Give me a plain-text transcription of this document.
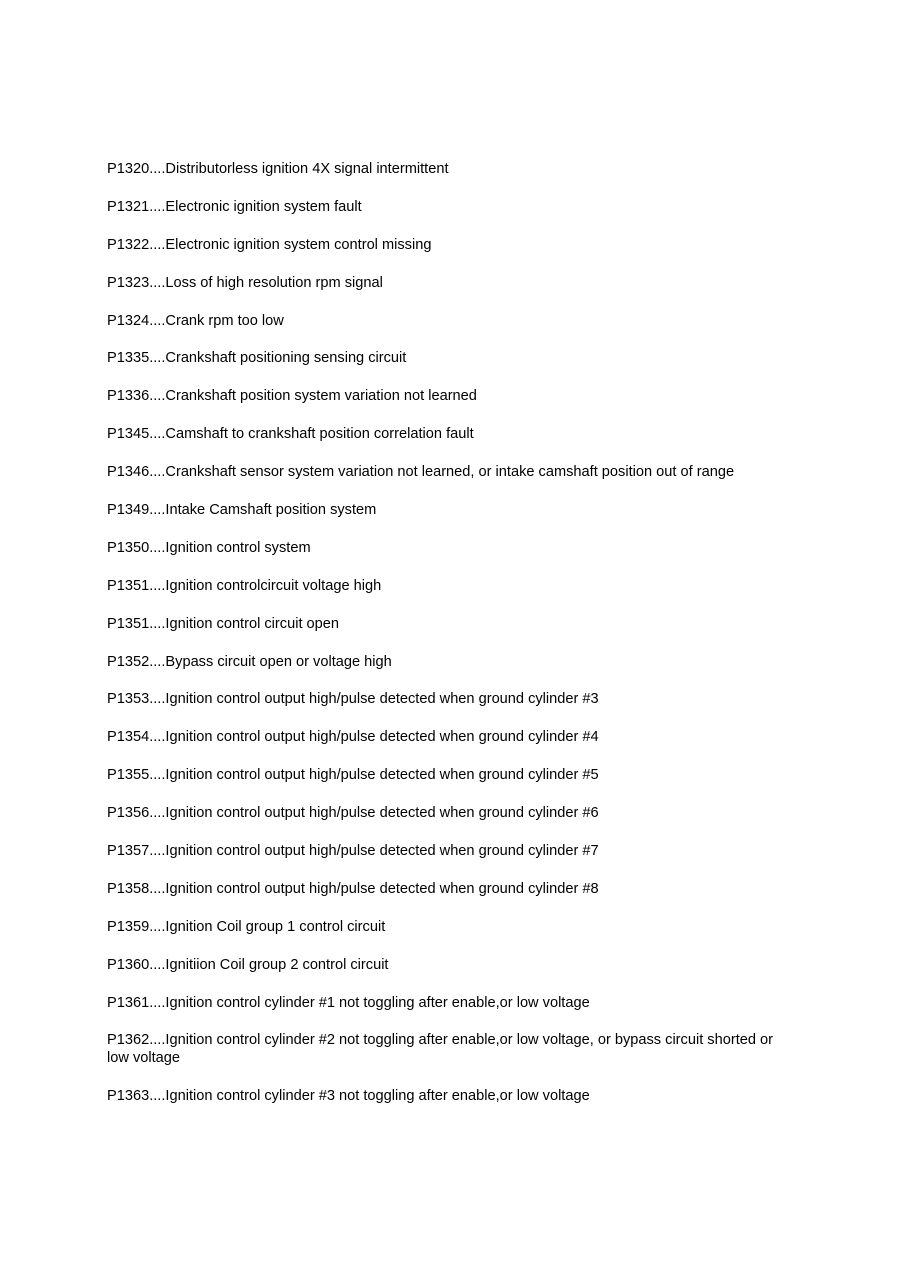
P1320....Distributorless ignition 4X signal intermittent
P1321....Electronic ignition system fault
P1322....Electronic ignition system control missing
P1323....Loss of high resolution rpm signal
P1324....Crank rpm too low
P1335....Crankshaft positioning sensing circuit
P1336....Crankshaft position system variation not learned
P1345....Camshaft to crankshaft position correlation fault
P1346....Crankshaft sensor system variation not learned, or intake camshaft position out of range
P1349....Intake Camshaft position system
P1350....Ignition control system
P1351....Ignition controlcircuit voltage high
P1351....Ignition control circuit open
P1352....Bypass circuit open or voltage high
P1353....Ignition control output high/pulse detected when ground cylinder #3
P1354....Ignition control output high/pulse detected when ground cylinder #4
P1355....Ignition control output high/pulse detected when ground cylinder #5
P1356....Ignition control output high/pulse detected when ground cylinder #6
P1357....Ignition control output high/pulse detected when ground cylinder #7
P1358....Ignition control output high/pulse detected when ground cylinder #8
P1359....Ignition Coil group 1 control circuit
P1360....Ignitiion Coil group 2 control circuit
P1361....Ignition control cylinder #1 not toggling after enable,or low voltage
P1362....Ignition control cylinder #2 not toggling after enable,or low voltage, or bypass circuit shorted or low voltage
P1363....Ignition control cylinder #3 not toggling after enable,or low voltage
